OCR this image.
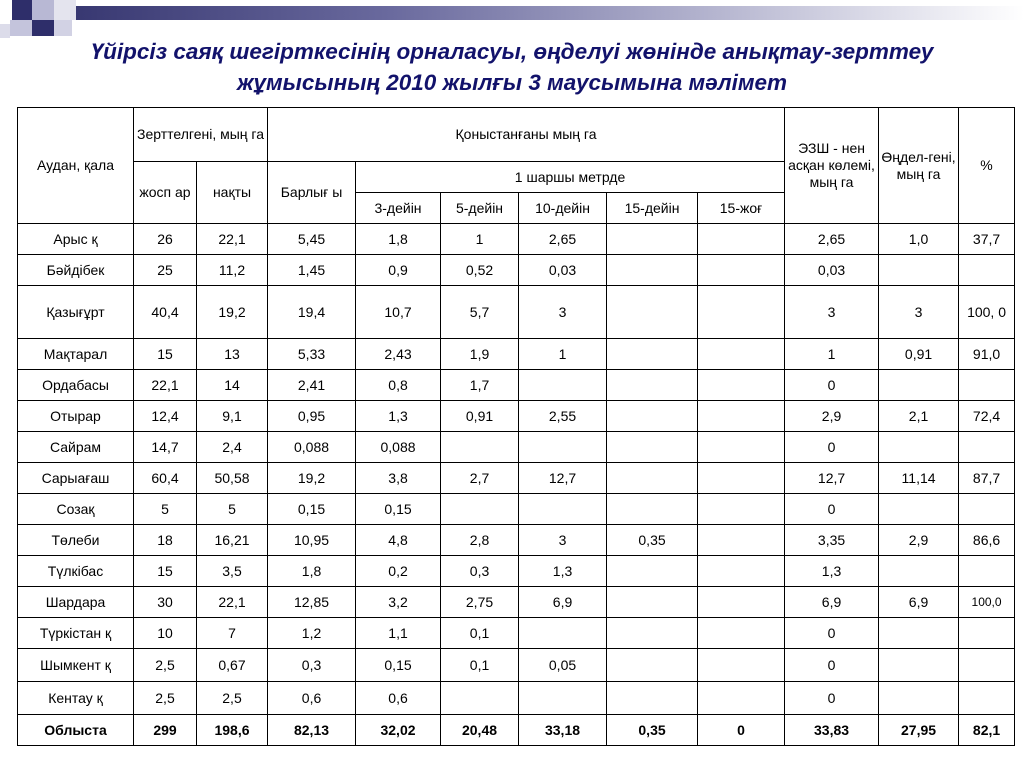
Үйірсіз саяқ шегірткесінің орналасуы, өңделуі жөнінде анықтау-зерттеу
жұмысының 2010 жылғы 3 маусымына мәлімет
Аудан, қала	Зерттелгені, мың га		Қоныстанғаны мың га						ЭЗШ - нен асқан көлемі, мың га	Өңдел-гені, мың га	%
	жосп ар	нақты	Барлығ ы	1 шаршы метрде							
				3-дейін	5-дейін	10-дейін	15-дейін	15-жоғ			
Арыс қ	26	22,1	5,45	1,8	1	2,65			2,65	1,0	37,7
Бәйдібек	25	11,2	1,45	0,9	0,52	0,03			0,03		
Қазығұрт	40,4	19,2	19,4	10,7	5,7	3			3	3	100, 0
Мақтарал	15	13	5,33	2,43	1,9	1			1	0,91	91,0
Ордабасы	22,1	14	2,41	0,8	1,7				0		
Отырар	12,4	9,1	0,95	1,3	0,91	2,55			2,9	2,1	72,4
Сайрам	14,7	2,4	0,088	0,088					0		
Сарыағаш	60,4	50,58	19,2	3,8	2,7	12,7			12,7	11,14	87,7
Созақ	5	5	0,15	0,15					0		
Төлеби	18	16,21	10,95	4,8	2,8	3	0,35		3,35	2,9	86,6
Түлкібас	15	3,5	1,8	0,2	0,3	1,3			1,3		
Шардара	30	22,1	12,85	3,2	2,75	6,9			6,9	6,9	100,0
Түркістан қ	10	7	1,2	1,1	0,1				0		
Шымкент қ	2,5	0,67	0,3	0,15	0,1	0,05			0		
Кентау қ	2,5	2,5	0,6	0,6					0		
Облыста	299	198,6	82,13	32,02	20,48	33,18	0,35	0	33,83	27,95	82,1
